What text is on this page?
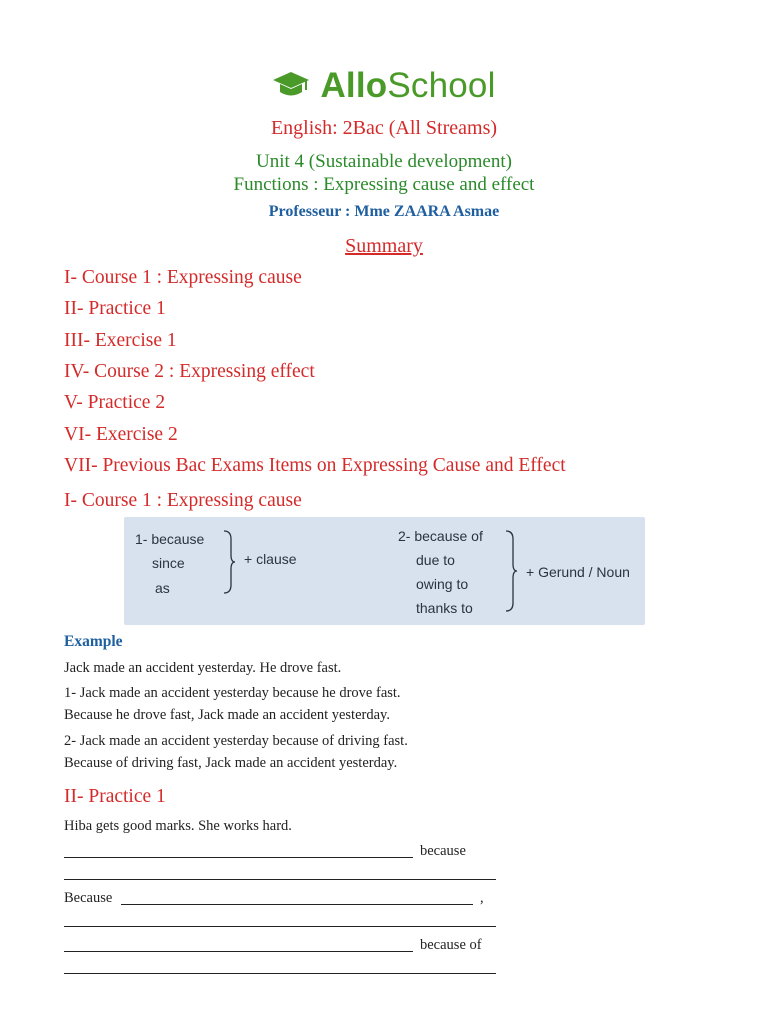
AlloSchool
English: 2Bac (All Streams)
Unit 4 (Sustainable development)
Functions : Expressing cause and effect
Professeur : Mme ZAARA Asmae
Summary
I- Course 1 : Expressing cause
II- Practice 1
III- Exercise 1
IV- Course 2 : Expressing effect
V- Practice 2
VI- Exercise 2
VII- Previous Bac Exams Items on Expressing Cause and Effect
I- Course 1 : Expressing cause
1- because
since
as
+ clause
2- because of
due to
owing to
thanks to
+ Gerund / Noun
Example
Jack made an accident yesterday. He drove fast.
1- Jack made an accident yesterday because he drove fast.
Because he drove fast, Jack made an accident yesterday.
2- Jack made an accident yesterday because of driving fast.
Because of driving fast, Jack made an accident yesterday.
II- Practice 1
Hiba gets good marks. She works hard.
because
Because	,
because of
